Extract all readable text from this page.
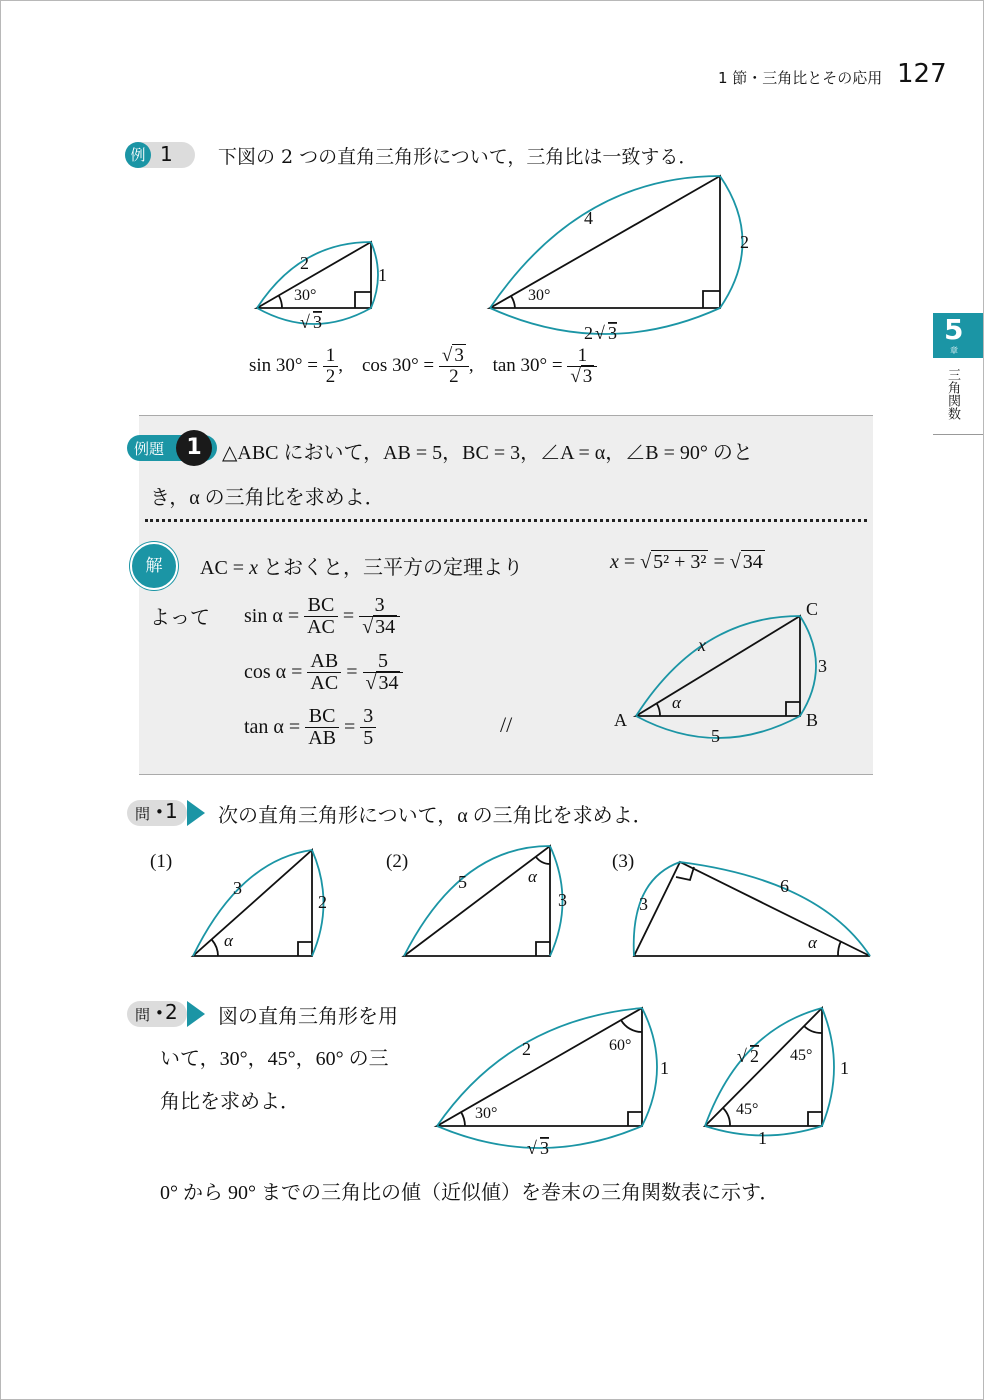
1 節・三角比とその応用 127
5
章
三角関数
例 1 下図の 2 つの直角三角形について，三角比は一致する．
2
1
30°
√ 3
4
2
30°
2 √ 3
sin 30° =
$\frac{1}{2}$ ,
cos 30° =
$\frac{√ 3}{2}$ ,
tan 30° =
$\frac{1}{√ 3}$
例題	1	△ABC において，AB = 5，BC = 3，∠A = α，∠B = 90° のと
き，α の三角比を求めよ．
解	AC = x とおくと，三平方の定理より	x = √ 5² + 3² = √ 34
よって sin α =
$\frac{BC}{AC}$
=
$\frac{3}{√ 34}$
cos α =
$\frac{AB}{AC}$
=
$\frac{5}{√ 34}$
tan α =
$\frac{BC}{AB}$
=
$\frac{3}{5}$	//	A	B
C
x
3
5
α
問 • 1 次の直角三角形について，α の三角比を求めよ．
(1)
3
2
α
(2)
5
3
α
(3)
3
6
α
問 • 2 図の直角三角形を用
いて，30°，45°，60° の三
角比を求めよ．
2
1
√ 3
60°
30°
√ 2
1
1
45°
45°
0° から 90° までの三角比の値（近似値）を巻末の三角関数表に示す．
